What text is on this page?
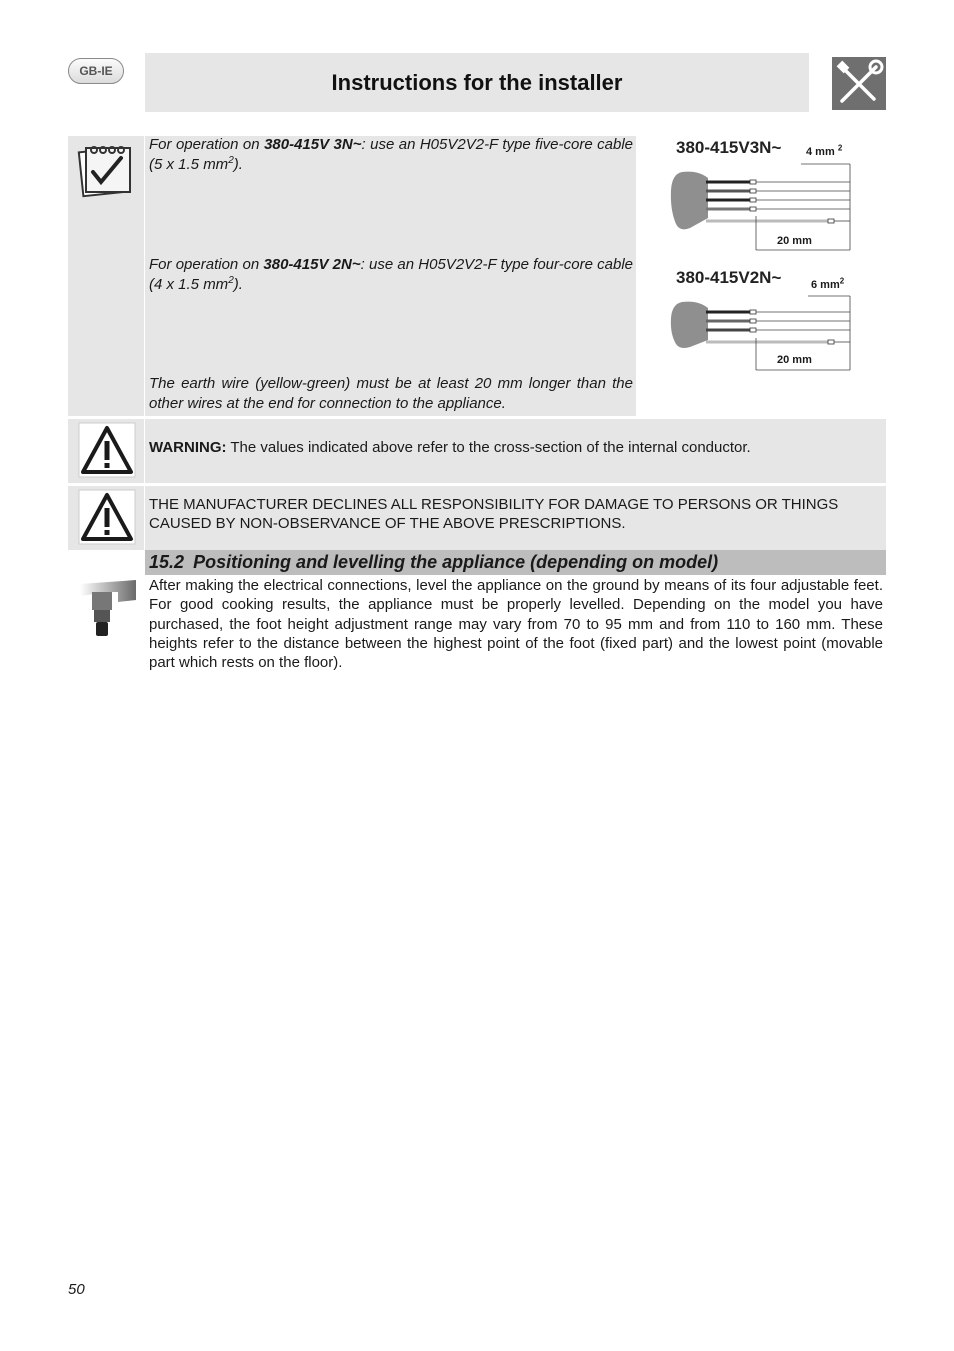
GB-IE	Instructions for the installer
For operation on 380-415V 3N~: use an H05V2V2-F type five-core cable (5 x 1.5 $mm^2$).
For operation on 380-415V 2N~: use an H05V2V2-F type four-core cable (4 x 1.5 $mm^2$).
The earth wire (yellow-green) must be at least 20 mm longer than the other wires at the end for connection to the appliance.
380-415V3N~ 4 mm $^2$
20 mm
380-415V2N~	6 $mm^2$
20 mm
WARNING: The values indicated above refer to the cross-section of the internal conductor.
THE MANUFACTURER DECLINES ALL RESPONSIBILITY FOR DAMAGE TO PERSONS OR THINGS CAUSED BY NON-OBSERVANCE OF THE ABOVE PRESCRIPTIONS.
15.2 Positioning and levelling the appliance (depending on model)
After making the electrical connections, level the appliance on the ground by means of its four adjustable feet. For good cooking results, the appliance must be properly levelled. Depending on the model you have purchased, the foot height adjustment range may vary from 70 to 95 mm and from 110 to 160 mm. These heights refer to the distance between the highest point of the foot (fixed part) and the lowest point (movable part which rests on the floor).
50
